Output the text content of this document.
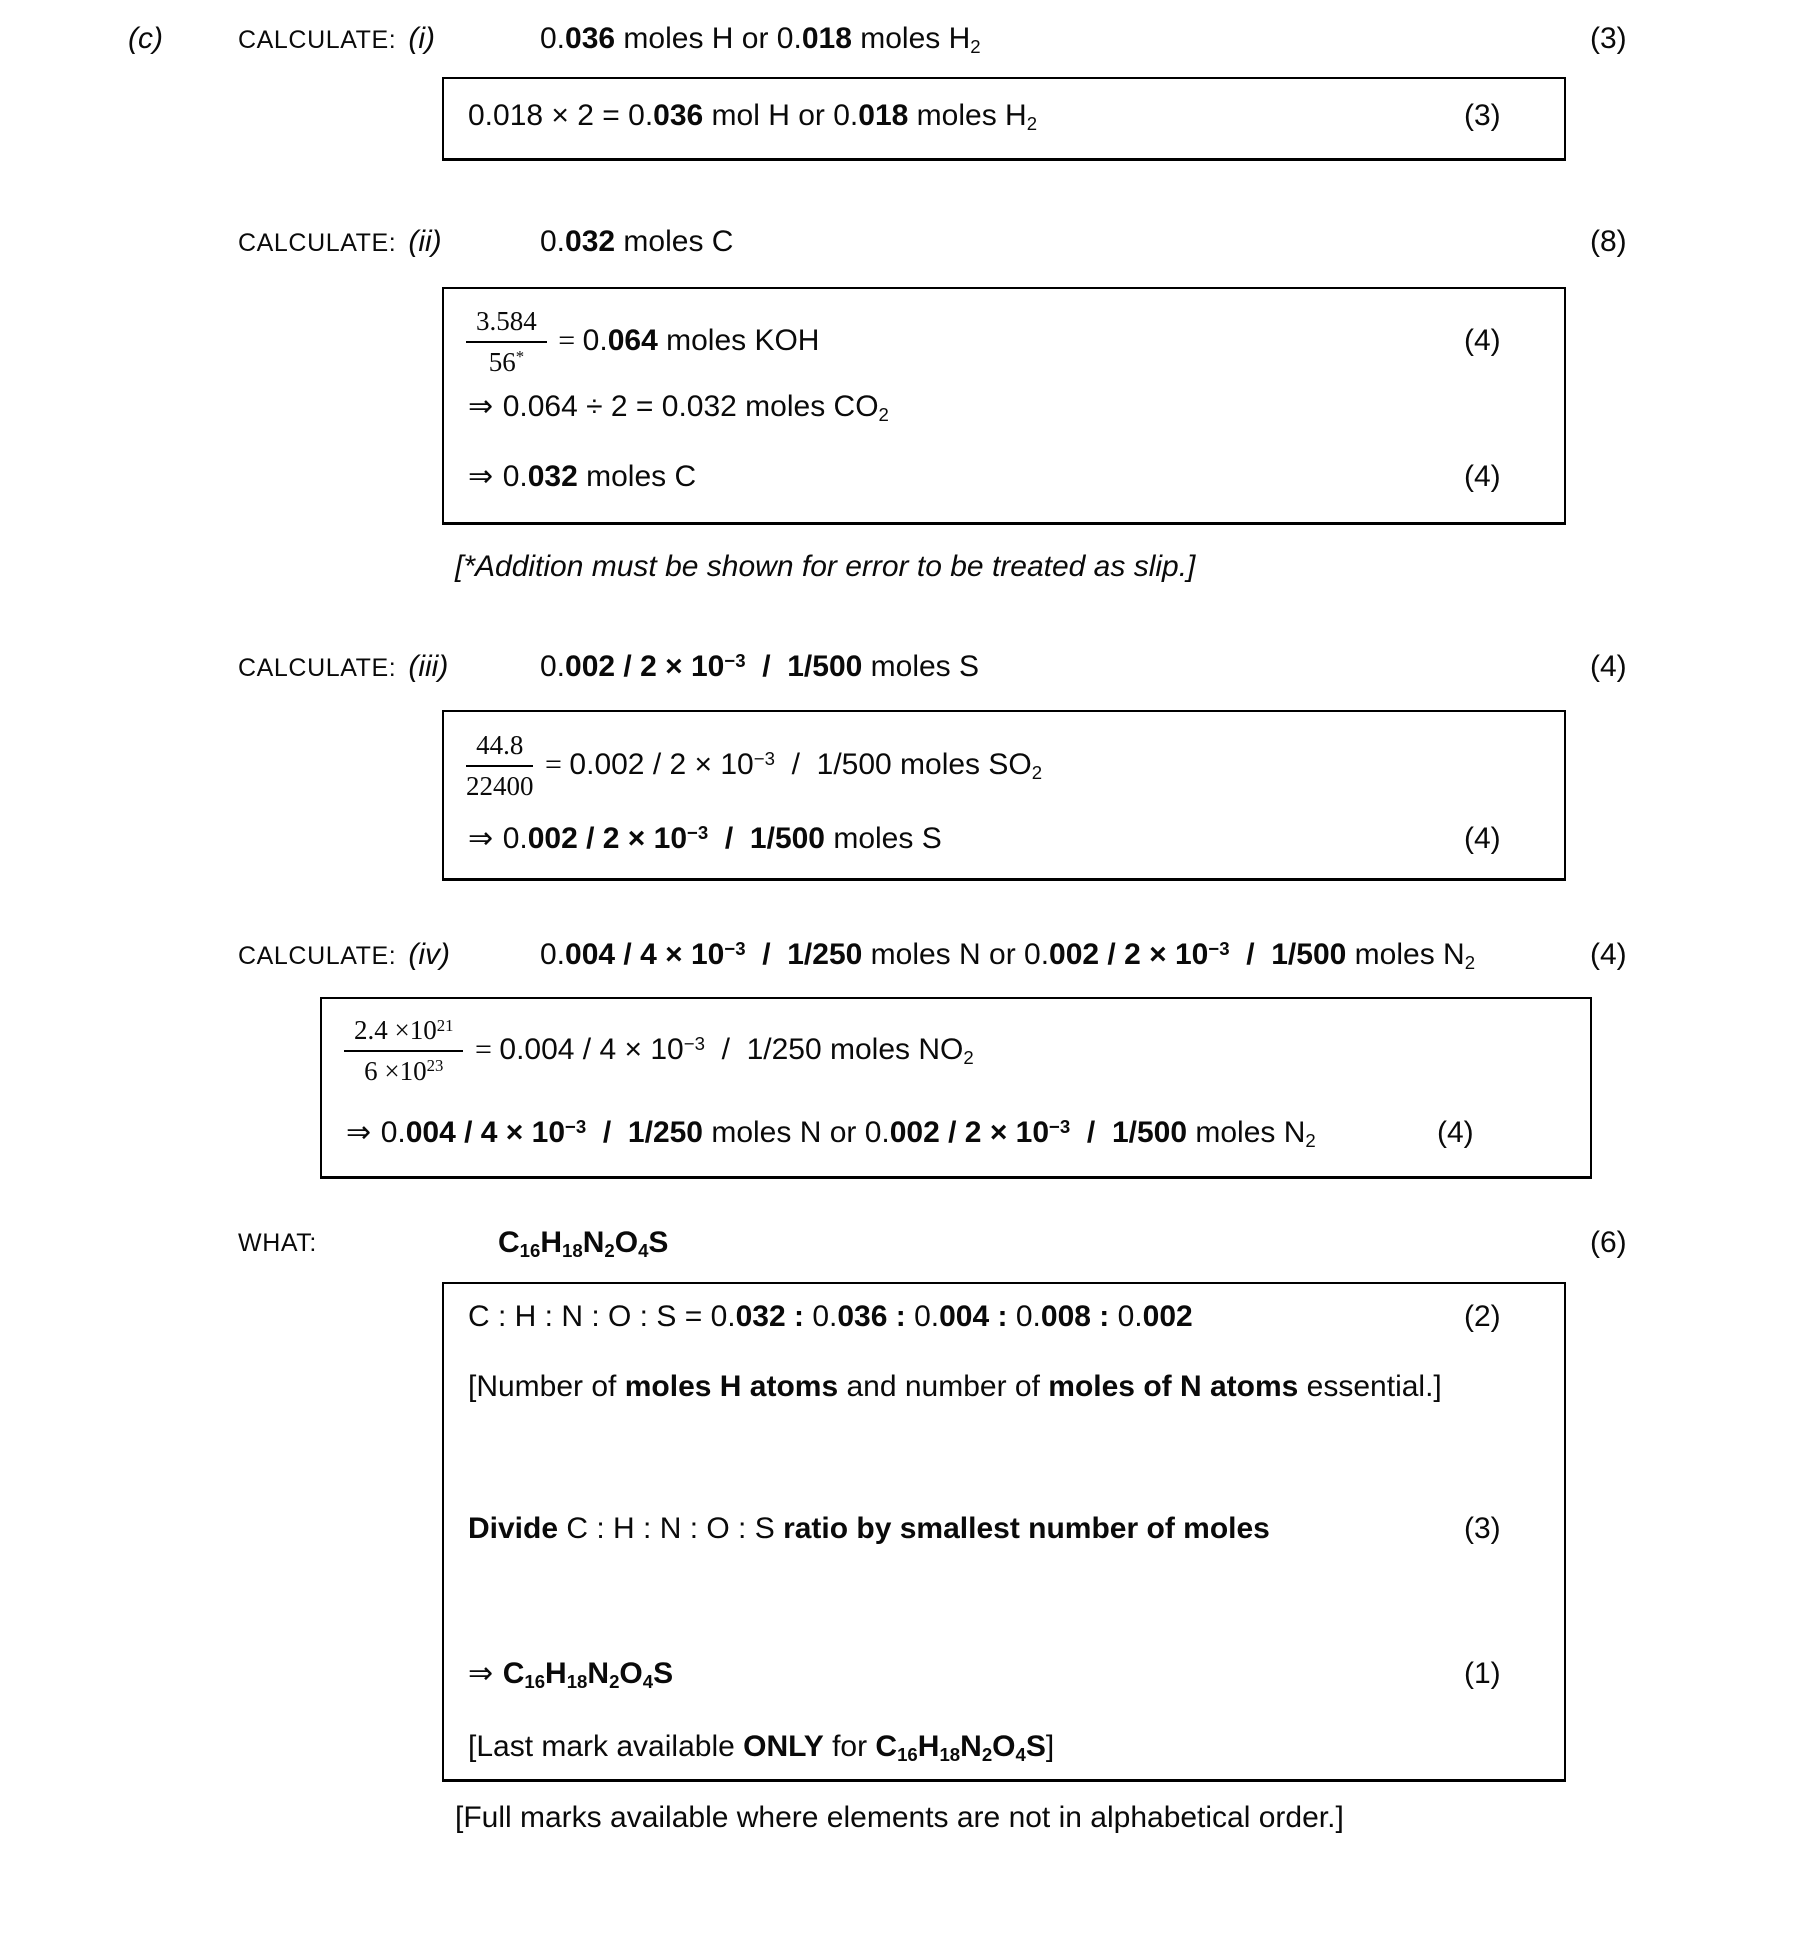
(c)	CALCULATE: (i)	0.036 moles H or 0.018 moles H2	(3)
0.018 × 2 = 0.036 mol H or 0.018 moles H2	(3)
CALCULATE: (ii)	0.032 moles C	(8)
$\frac{3.584}{56^*} = 0.064$ moles KOH	(4)
⇒ 0.064 ÷ 2 = 0.032 moles CO2
⇒ 0.032 moles C	(4)
[*Addition must be shown for error to be treated as slip.]
CALCULATE: (iii)	$0.002 / 2 \times 10^{-3} / 1/500$ moles S	(4)
$\frac{44.8}{22400} = 0.002 / 2 \times 10^{-3} / 1/500$ moles SO2
⇒ $0.002 / 2 \times 10^{-3} / 1/500$ moles S	(4)
CALCULATE: (iv)	$0.004 / 4 \times 10^{-3} / 1/250$ moles N or $0.002 / 2 \times 10^{-3} / 1/500$ moles N2	(4)
$\frac{2.4 \times 10^{21}}{6 \times 10^{23}} = 0.004 / 4 \times 10^{-3} / 1/250$ moles NO2
⇒ $0.004 / 4 \times 10^{-3} / 1/250$ moles N or $0.002 / 2 \times 10^{-3} / 1/500$ moles N2	(4)
WHAT:	C16H18N2O4S	(6)
C : H : N : O : S = 0.032 : 0.036 : 0.004 : 0.008 : 0.002	(2)
[Number of moles H atoms and number of moles of N atoms essential.]
Divide C : H : N : O : S ratio by smallest number of moles	(3)
⇒ C16H18N2O4S	(1)
[Last mark available ONLY for C16H18N2O4S]
[Full marks available where elements are not in alphabetical order.]
